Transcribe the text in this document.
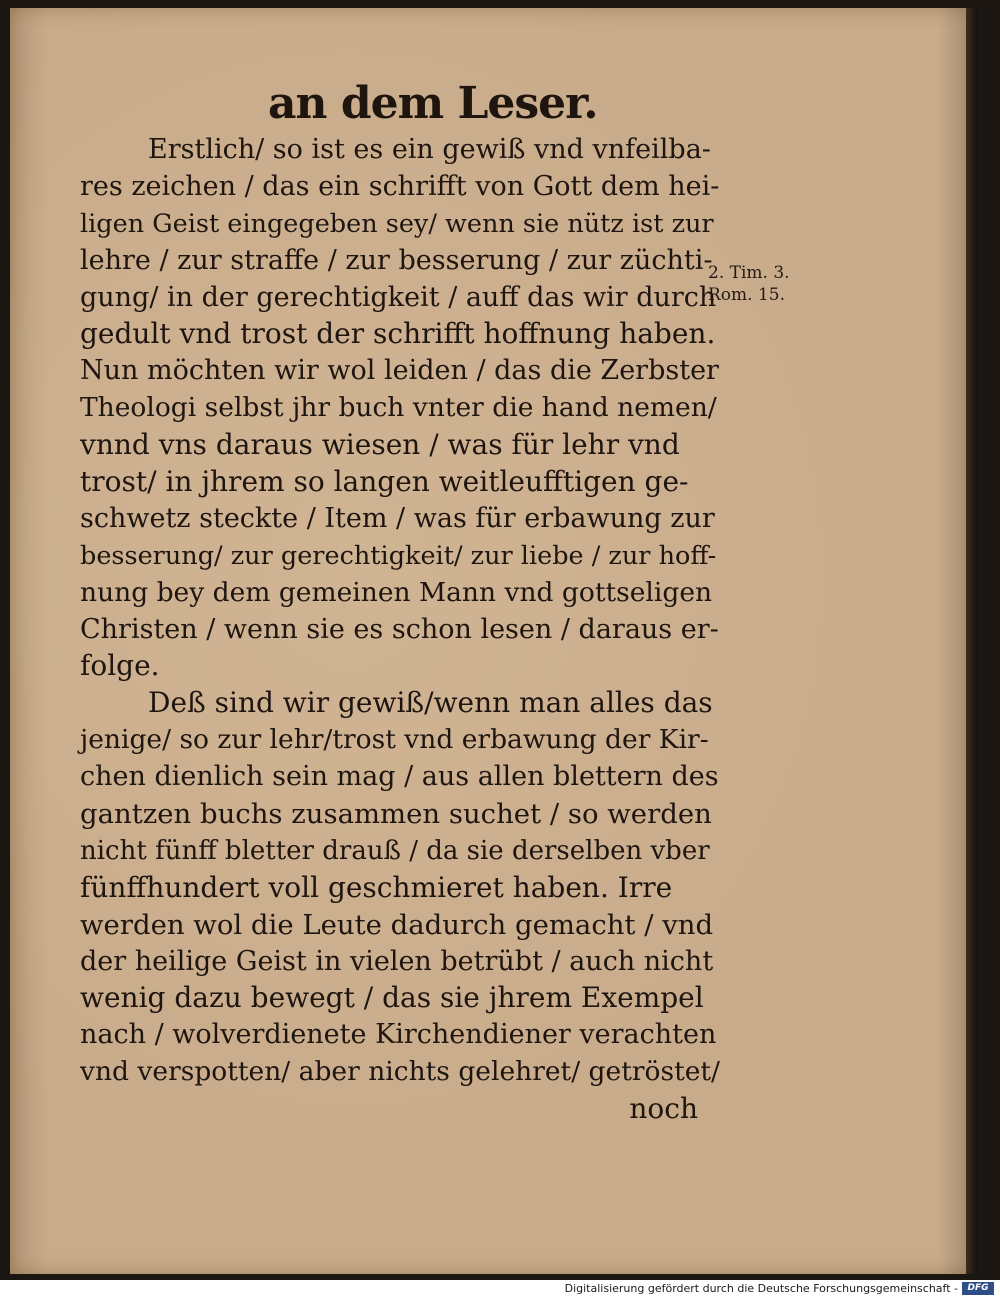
an dem Leser.
2. Tim. 3.
Rom. 15.
Erstlich/ so ist es ein gewiß vnd vnfeilba-
res zeichen / das ein schrifft von Gott dem hei-
ligen Geist eingegeben sey/ wenn sie nütz ist zur
lehre / zur straffe / zur besserung / zur züchti-
gung/ in der gerechtigkeit / auff das wir durch
gedult vnd trost der schrifft hoffnung haben.
Nun möchten wir wol leiden / das die Zerbster
Theologi selbst jhr buch vnter die hand nemen/
vnnd vns daraus wiesen / was für lehr vnd
trost/ in jhrem so langen weitleufftigen ge-
schwetz steckte / Item / was für erbawung zur
besserung/ zur gerechtigkeit/ zur liebe / zur hoff-
nung bey dem gemeinen Mann vnd gottseligen
Christen / wenn sie es schon lesen / daraus er-
folge.
Deß sind wir gewiß/wenn man alles das
jenige/ so zur lehr/trost vnd erbawung der Kir-
chen dienlich sein mag / aus allen blettern des
gantzen buchs zusammen suchet / so werden
nicht fünff bletter drauß / da sie derselben vber
fünffhundert voll geschmieret haben. Irre
werden wol die Leute dadurch gemacht / vnd
der heilige Geist in vielen betrübt / auch nicht
wenig dazu bewegt / das sie jhrem Exempel
nach / wolverdienete Kirchendiener verachten
vnd verspotten/ aber nichts gelehret/ getröstet/
noch
Digitalisierung gefördert durch die Deutsche Forschungsgemeinschaft -	DFG
